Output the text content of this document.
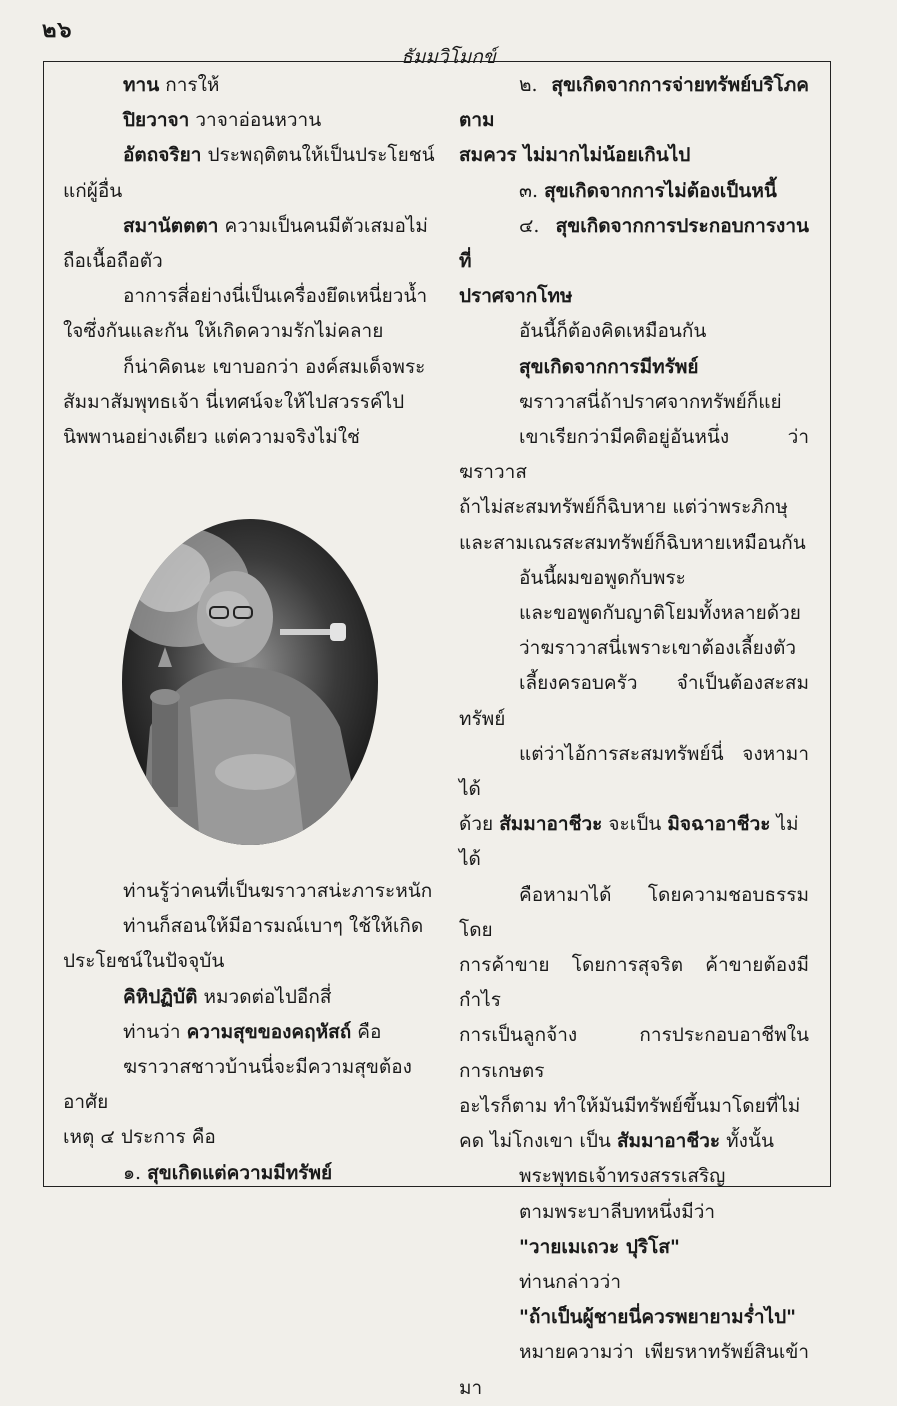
๒๖
ธัมมวิโมกข์

ทาน การให้

ปิยวาจา วาจาอ่อนหวาน

อัตถจริยา ประพฤติตนให้เป็นประโยชน์

แก่ผู้อื่น

สมานัตตตา ความเป็นคนมีตัวเสมอไม่

ถือเนื้อถือตัว

อาการสี่อย่างนี่เป็นเครื่องยึดเหนี่ยวน้ำ

ใจซึ่งกันและกัน ให้เกิดความรักไม่คลาย

ก็น่าคิดนะ เขาบอกว่า องค์สมเด็จพระ

สัมมาสัมพุทธเจ้า นี่เทศน์จะให้ไปสวรรค์ไป

นิพพานอย่างเดียว แต่ความจริงไม่ใช่

ท่านรู้ว่าคนที่เป็นฆราวาสน่ะภาระหนัก

ท่านก็สอนให้มีอารมณ์เบาๆ ใช้ให้เกิด

ประโยชน์ในปัจจุบัน

คิหิปฏิบัติ หมวดต่อไปอีกสี่

ท่านว่า ความสุขของคฤหัสถ์ คือ

ฆราวาสชาวบ้านนี่จะมีความสุขต้องอาศัย

เหตุ ๔ ประการ คือ

๑. สุขเกิดแต่ความมีทรัพย์

๒. สุขเกิดจากการจ่ายทรัพย์บริโภค ตาม

สมควร ไม่มากไม่น้อยเกินไป

๓. สุขเกิดจากการไม่ต้องเป็นหนี้

๔. สุขเกิดจากการประกอบการงานที่

ปราศจากโทษ

อันนี้ก็ต้องคิดเหมือนกัน

สุขเกิดจากการมีทรัพย์

ฆราวาสนี่ถ้าปราศจากทรัพย์ก็แย่

เขาเรียกว่ามีคติอยู่อันหนึ่ง ว่าฆราวาส

ถ้าไม่สะสมทรัพย์ก็ฉิบหาย แต่ว่าพระภิกษุ

และสามเณรสะสมทรัพย์ก็ฉิบหายเหมือนกัน

อันนี้ผมขอพูดกับพระ

และขอพูดกับญาติโยมทั้งหลายด้วย

ว่าฆราวาสนี่เพราะเขาต้องเลี้ยงตัว

เลี้ยงครอบครัว จำเป็นต้องสะสมทรัพย์

แต่ว่าไอ้การสะสมทรัพย์นี่ จงหามาได้

ด้วย สัมมาอาชีวะ จะเป็น มิจฉาอาชีวะ ไม่

ได้

คือหามาได้ โดยความชอบธรรม โดย

การค้าขาย โดยการสุจริต ค้าขายต้องมีกำไร

การเป็นลูกจ้าง การประกอบอาชีพในการเกษตร

อะไรก็ตาม ทำให้มันมีทรัพย์ขึ้นมาโดยที่ไม่

คด ไม่โกงเขา เป็น สัมมาอาชีวะ ทั้งนั้น

พระพุทธเจ้าทรงสรรเสริญ

ตามพระบาลีบทหนึ่งมีว่า

"วายเมเถวะ ปุริโส"

ท่านกล่าวว่า

"ถ้าเป็นผู้ชายนี่ควรพยายามร่ำไป"

หมายความว่า เพียรหาทรัพย์สินเข้ามา
